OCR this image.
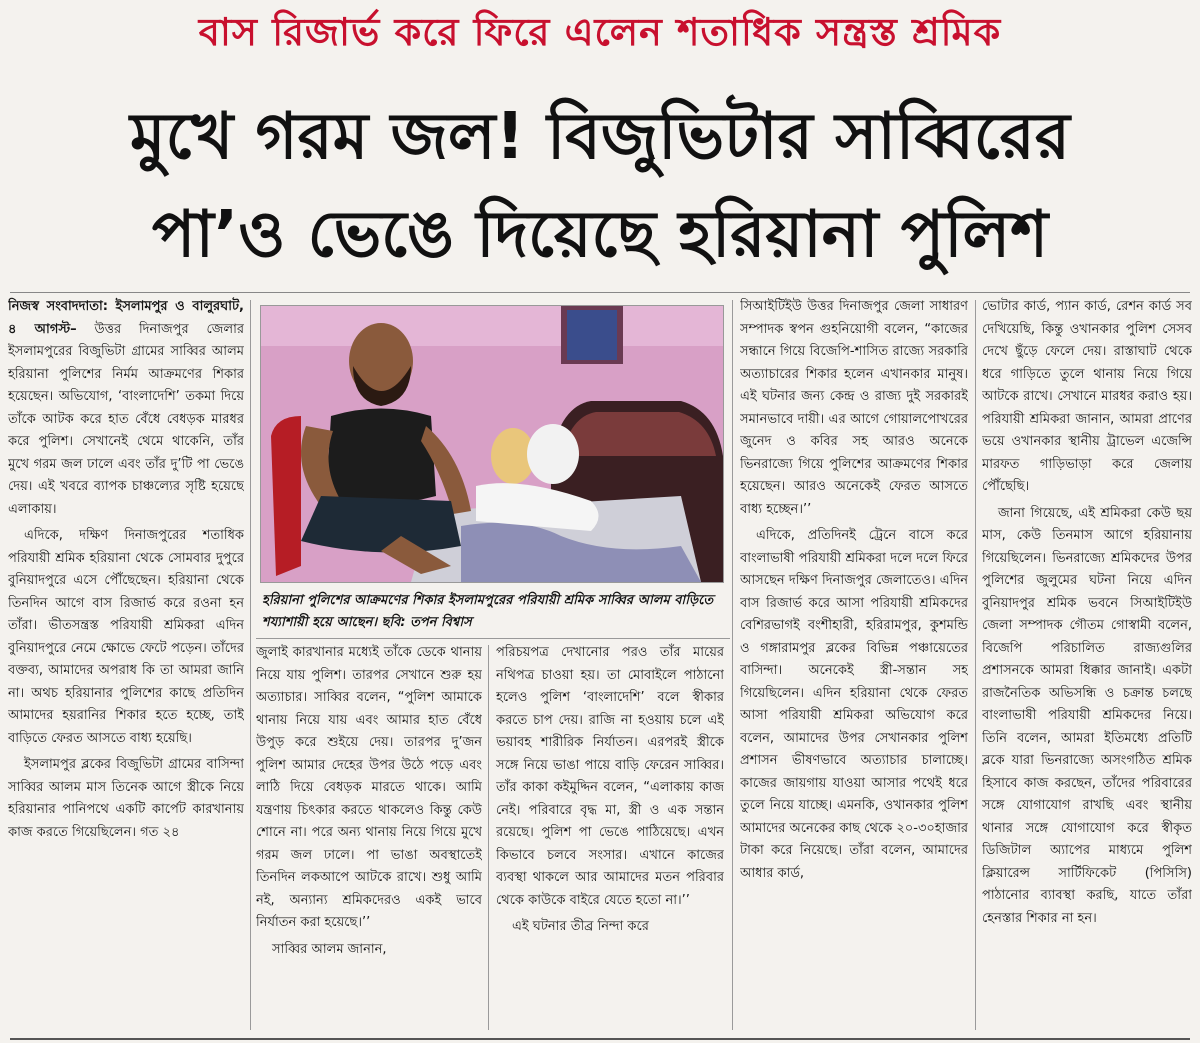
বাস রিজার্ভ করে ফিরে এলেন শতাধিক সন্ত্রস্ত শ্রমিক
মুখে গরম জল! বিজুভিটার সাব্বিরের
পা’ও ভেঙে দিয়েছে হরিয়ানা পুলিশ

নিজস্ব সংবাদদাতা: ইসলামপুর ও বালুরঘাট, ৪ আগস্ট– উত্তর দিনাজপুর জেলার ইসলামপুরের বিজুভিটা গ্রামের সাব্বির আলম হরিয়ানা পুলিশের নির্মম আক্রমণের শিকার হয়েছেন। অভিযোগ, ‘বাংলাদেশি’ তকমা দিয়ে তাঁকে আটক করে হাত বেঁধে বেধড়ক মারধর করে পুলিশ। সেখানেই থেমে থাকেনি, তাঁর মুখে গরম জল ঢালে এবং তাঁর দু’টি পা ভেঙে দেয়। এই খবরে ব্যাপক চাঞ্চল্যের সৃষ্টি হয়েছে এলাকায়।

এদিকে, দক্ষিণ দিনাজপুরের শতাধিক পরিযায়ী শ্রমিক হরিয়ানা থেকে সোমবার দুপুরে বুনিয়াদপুরে এসে পৌঁছেছেন। হরিয়ানা থেকে তিনদিন আগে বাস রিজার্ভ করে রওনা হন তাঁরা। ভীতসন্ত্রস্ত পরিযায়ী শ্রমিকরা এদিন বুনিয়াদপুরে নেমে ক্ষোভে ফেটে পড়েন। তাঁদের বক্তব্য, আমাদের অপরাধ কি তা আমরা জানি না। অথচ হরিয়ানার পুলিশের কাছে প্রতিদিন আমাদের হয়রানির শিকার হতে হচ্ছে, তাই বাড়িতে ফেরত আসতে বাধ্য হয়েছি।

ইসলামপুর ব্লকের বিজুভিটা গ্রামের বাসিন্দা সাব্বির আলম মাস তিনেক আগে স্ত্রীকে নিয়ে হরিয়ানার পানিপথে একটি কার্পেট কারখানায় কাজ করতে গিয়েছিলেন। গত ২৪

হরিয়ানা পুলিশের আক্রমণের শিকার ইসলামপুরের পরিযায়ী শ্রমিক সাব্বির আলম বাড়িতে শয্যাশায়ী হয়ে আছেন। ছবি: তপন বিশ্বাস

জুলাই কারখানার মধ্যেই তাঁকে ডেকে থানায় নিয়ে যায় পুলিশ। তারপর সেখানে শুরু হয় অত্যাচার। সাব্বির বলেন, “পুলিশ আমাকে থানায় নিয়ে যায় এবং আমার হাত বেঁধে উপুড় করে শুইয়ে দেয়। তারপর দু’জন পুলিশ আমার দেহের উপর উঠে পড়ে এবং লাঠি দিয়ে বেধড়ক মারতে থাকে। আমি যন্ত্রণায় চিৎকার করতে থাকলেও কিন্তু কেউ শোনে না। পরে অন্য থানায় নিয়ে গিয়ে মুখে গরম জল ঢালে। পা ভাঙা অবস্থাতেই তিনদিন লকআপে আটকে রাখে। শুধু আমি নই, অন্যান্য শ্রমিকদেরও একই ভাবে নির্যাতন করা হয়েছে।’’

সাব্বির আলম জানান,

পরিচয়পত্র দেখানোর পরও তাঁর মায়ের নথিপত্র চাওয়া হয়। তা মোবাইলে পাঠানো হলেও পুলিশ ‘বাংলাদেশি’ বলে স্বীকার করতে চাপ দেয়। রাজি না হওয়ায় চলে এই ভয়াবহ শারীরিক নির্যাতন। এরপরই স্ত্রীকে সঙ্গে নিয়ে ভাঙা পায়ে বাড়ি ফেরেন সাব্বির। তাঁর কাকা কইমুদ্দিন বলেন, “এলাকায় কাজ নেই। পরিবারে বৃদ্ধ মা, স্ত্রী ও এক সন্তান রয়েছে। পুলিশ পা ভেঙে পাঠিয়েছে। এখন কিভাবে চলবে সংসার। এখানে কাজের ব্যবস্থা থাকলে আর আমাদের মতন পরিবার থেকে কাউকে বাইরে যেতে হতো না।’’

এই ঘটনার তীব্র নিন্দা করে

সিআইটিইউ উত্তর দিনাজপুর জেলা সাধারণ সম্পাদক স্বপন গুহনিয়োগী বলেন, “কাজের সন্ধানে গিয়ে বিজেপি-শাসিত রাজ্যে সরকারি অত্যাচারের শিকার হলেন এখানকার মানুষ। এই ঘটনার জন্য কেন্দ্র ও রাজ্য দুই সরকারই সমানভাবে দায়ী। এর আগে গোয়ালপোখরের জুনেদ ও কবির সহ আরও অনেকে ভিনরাজ্যে গিয়ে পুলিশের আক্রমণের শিকার হয়েছেন। আরও অনেকেই ফেরত আসতে বাধ্য হচ্ছেন।’’

এদিকে, প্রতিদিনই ট্রেনে বাসে করে বাংলাভাষী পরিযায়ী শ্রমিকরা দলে দলে ফিরে আসছেন দক্ষিণ দিনাজপুর জেলাতেও। এদিন বাস রিজার্ভ করে আসা পরিযায়ী শ্রমিকদের বেশিরভাগই বংশীহারী, হরিরামপুর, কুশমন্ডি ও গঙ্গারামপুর ব্লকের বিভিন্ন পঞ্চায়েতের বাসিন্দা। অনেকেই স্ত্রী-সন্তান সহ গিয়েছিলেন। এদিন হরিয়ানা থেকে ফেরত আসা পরিযায়ী শ্রমিকরা অভিযোগ করে বলেন, আমাদের উপর সেখানকার পুলিশ প্রশাসন ভীষণভাবে অত্যাচার চালাচ্ছে। কাজের জায়গায় যাওয়া আসার পথেই ধরে তুলে নিয়ে যাচ্ছে। এমনকি, ওখানকার পুলিশ আমাদের অনেকের কাছ থেকে ২০-৩০হাজার টাকা করে নিয়েছে। তাঁরা বলেন, আমাদের আধার কার্ড,

ভোটার কার্ড, প্যান কার্ড, রেশন কার্ড সব দেখিয়েছি, কিন্তু ওখানকার পুলিশ সেসব দেখে ছুঁড়ে ফেলে দেয়। রাস্তাঘাট থেকে ধরে গাড়িতে তুলে থানায় নিয়ে গিয়ে আটকে রাখে। সেখানে মারধর করাও হয়। পরিযায়ী শ্রমিকরা জানান, আমরা প্রাণের ভয়ে ওখানকার স্থানীয় ট্রাভেল এজেন্সি মারফত গাড়িভাড়া করে জেলায় পৌঁছেছি।

জানা গিয়েছে, এই শ্রমিকরা কেউ ছয় মাস, কেউ তিনমাস আগে হরিয়ানায় গিয়েছিলেন। ভিনরাজ্যে শ্রমিকদের উপর পুলিশের জুলুমের ঘটনা নিয়ে এদিন বুনিয়াদপুর শ্রমিক ভবনে সিআইটিইউ জেলা সম্পাদক গৌতম গোস্বামী বলেন, বিজেপি পরিচালিত রাজ্যগুলির প্রশাসনকে আমরা ধিক্কার জানাই। একটা রাজনৈতিক অভিসন্ধি ও চক্রান্ত চলছে বাংলাভাষী পরিযায়ী শ্রমিকদের নিয়ে। তিনি বলেন, আমরা ইতিমধ্যে প্রতিটি ব্লকে যারা ভিনরাজ্যে অসংগঠিত শ্রমিক হিসাবে কাজ করছেন, তাঁদের পরিবারের সঙ্গে যোগাযোগ রাখছি এবং স্থানীয় থানার সঙ্গে যোগাযোগ করে স্বীকৃত ডিজিটাল অ্যাপের মাধ্যমে পুলিশ ক্লিয়ারেন্স সার্টিফিকেট (পিসিসি) পাঠানোর ব্যাবস্থা করছি, যাতে তাঁরা হেনস্তার শিকার না হন।
